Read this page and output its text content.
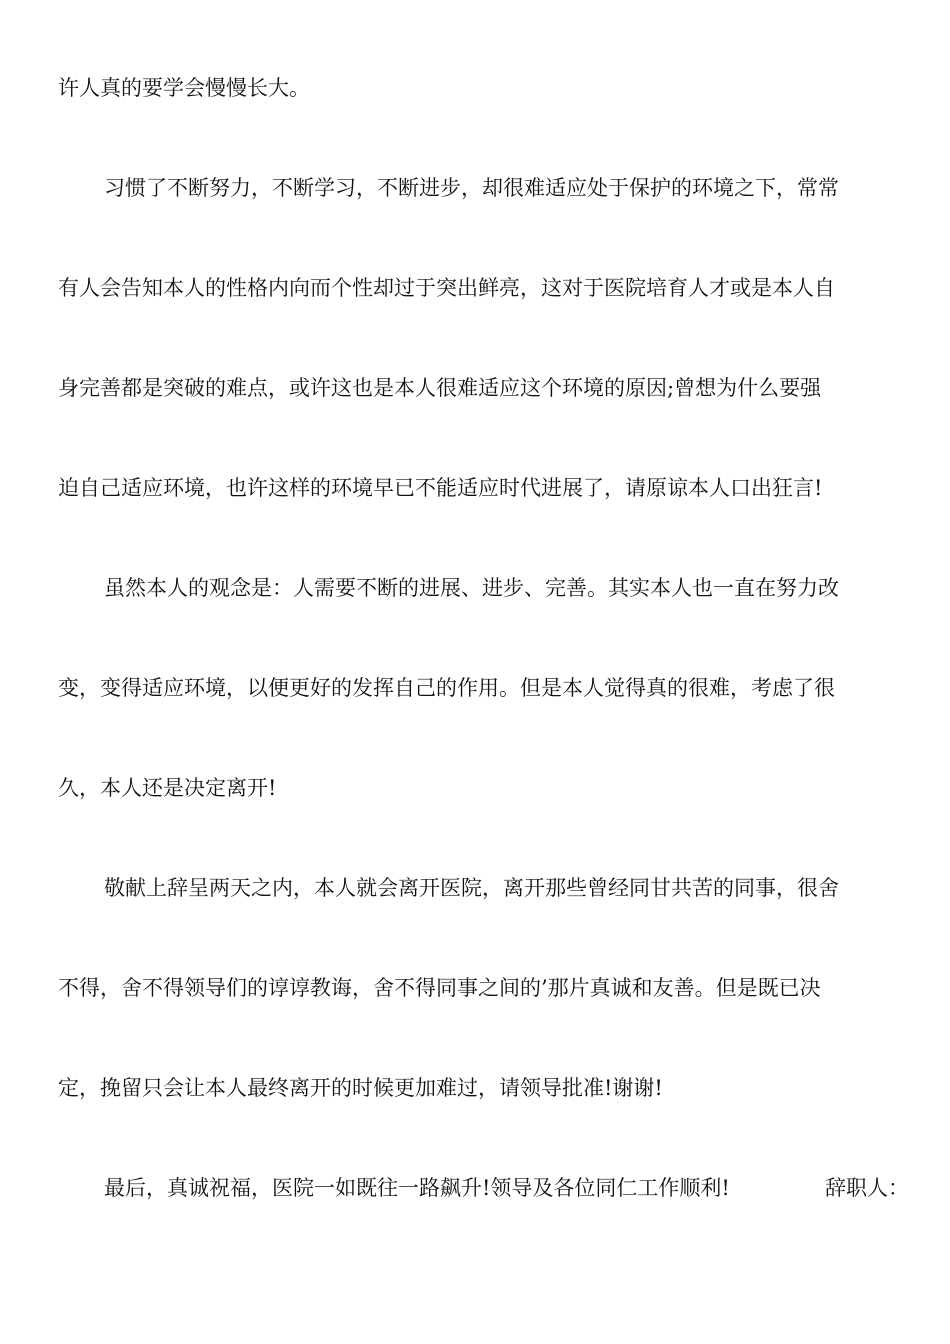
许人真的要学会慢慢长大。
习惯了不断努力，不断学习，不断进步，却很难适应处于保护的环境之下，常常
有人会告知本人的性格内向而个性却过于突出鲜亮，这对于医院培育人才或是本人自
身完善都是突破的难点，或许这也是本人很难适应这个环境的原因;曾想为什么要强
迫自己适应环境，也许这样的环境早已不能适应时代进展了，请原谅本人口出狂言!
虽然本人的观念是：人需要不断的进展、进步、完善。其实本人也一直在努力改
变，变得适应环境，以便更好的发挥自己的作用。但是本人觉得真的很难，考虑了很
久，本人还是决定离开!
敬献上辞呈两天之内，本人就会离开医院，离开那些曾经同甘共苦的同事，很舍
不得，舍不得领导们的谆谆教诲，舍不得同事之间的’那片真诚和友善。但是既已决
定，挽留只会让本人最终离开的时候更加难过，请领导批准!谢谢!
最后，真诚祝福，医院一如既往一路飙升!领导及各位同仁工作顺利!	辞职人：
